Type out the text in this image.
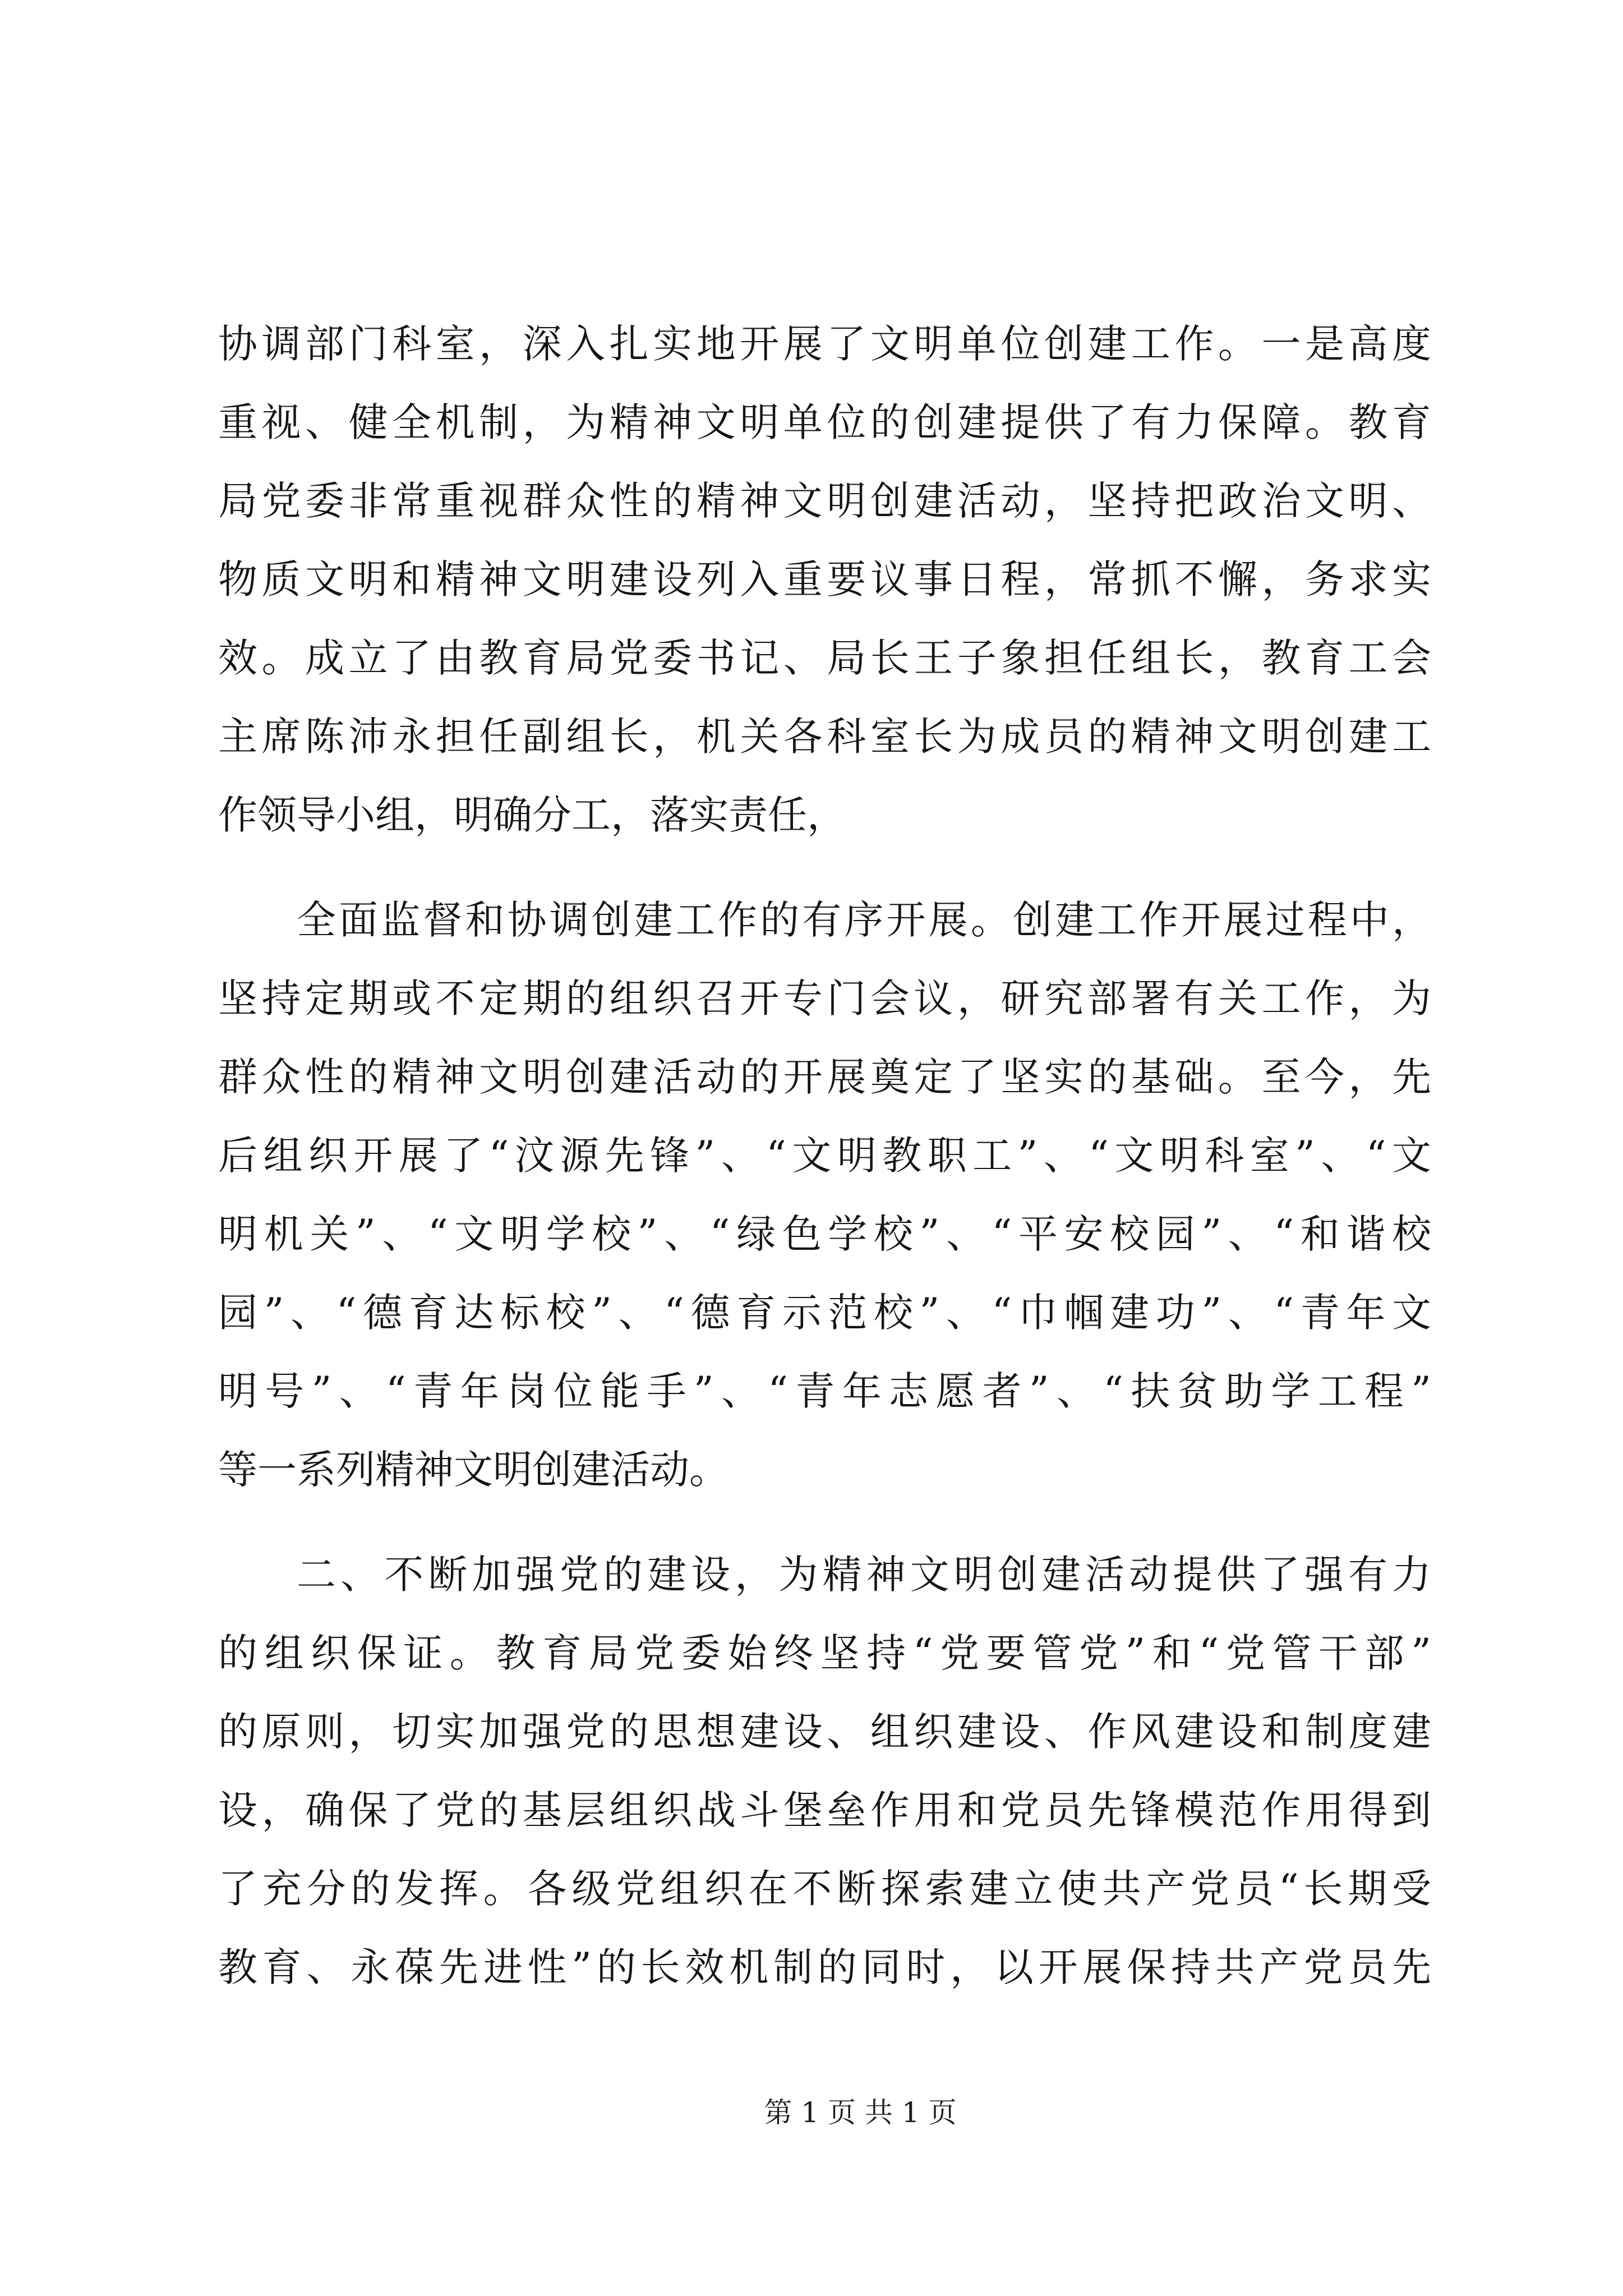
协调部门科室，深入扎实地开展了文明单位创建工作。一是高度
重视、健全机制，为精神文明单位的创建提供了有力保障。教育
局党委非常重视群众性的精神文明创建活动，坚持把政治文明、
物质文明和精神文明建设列入重要议事日程，常抓不懈，务求实
效。成立了由教育局党委书记、局长王子象担任组长，教育工会
主席陈沛永担任副组长，机关各科室长为成员的精神文明创建工
作领导小组，明确分工，落实责任，
全面监督和协调创建工作的有序开展。创建工作开展过程中，
坚持定期或不定期的组织召开专门会议，研究部署有关工作，为
群众性的精神文明创建活动的开展奠定了坚实的基础。至今，先
后组织开展了“汶源先锋”、“文明教职工”、“文明科室”、“文
明机关”、“文明学校”、“绿色学校”、“平安校园”、“和谐校
园”、“德育达标校”、“德育示范校”、“巾帼建功”、“青年文
明号”、“青年岗位能手”、“青年志愿者”、“扶贫助学工程”
等一系列精神文明创建活动。
二、不断加强党的建设，为精神文明创建活动提供了强有力
的组织保证。教育局党委始终坚持“党要管党”和“党管干部”
的原则，切实加强党的思想建设、组织建设、作风建设和制度建
设，确保了党的基层组织战斗堡垒作用和党员先锋模范作用得到
了充分的发挥。各级党组织在不断探索建立使共产党员“长期受
教育、永葆先进性”的长效机制的同时，以开展保持共产党员先
第 1 页 共 1 页
